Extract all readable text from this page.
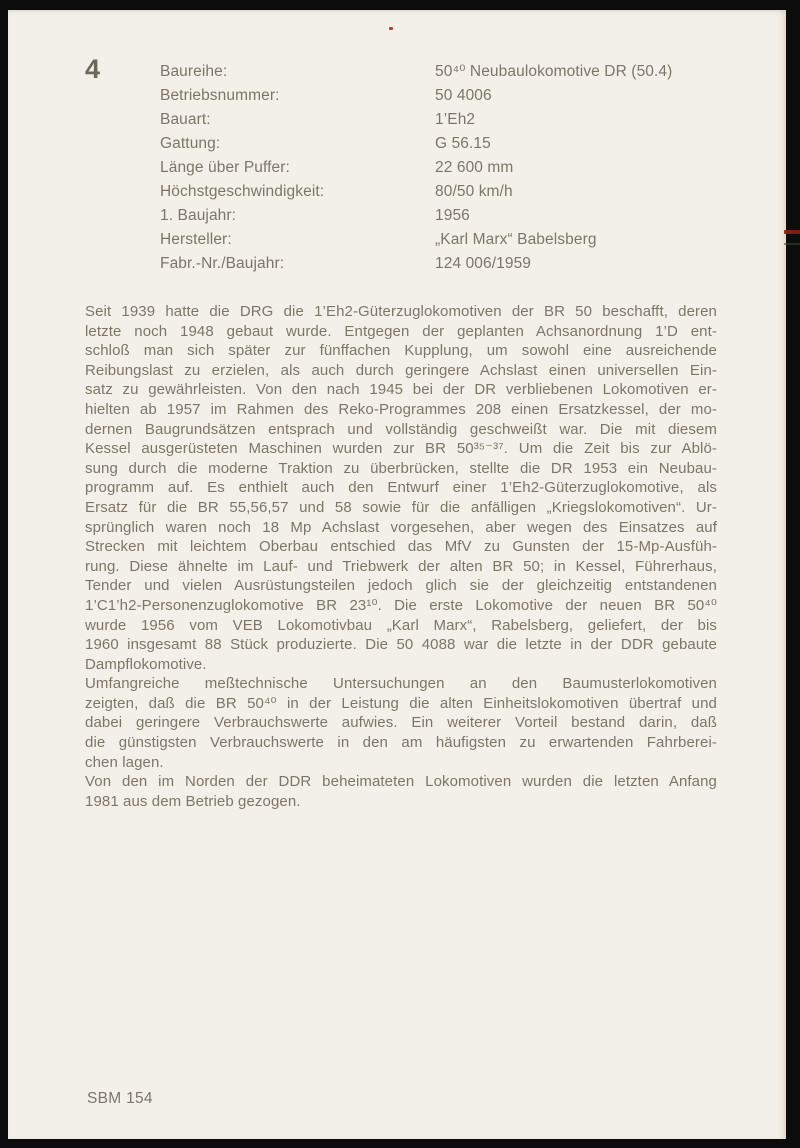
4	Baureihe:	50⁴⁰ Neubaulokomotive DR (50.4)
Betriebsnummer:	50 4006
Bauart:	1’Eh2
Gattung:	G 56.15
Länge über Puffer:	22 600 mm
Höchstgeschwindigkeit:	80/50 km/h
1. Baujahr:	1956
Hersteller:	„Karl Marx“ Babelsberg
Fabr.-Nr./Baujahr:	124 006/1959
Seit 1939 hatte die DRG die 1’Eh2-Güterzuglokomotiven der BR 50 beschafft, deren
letzte noch 1948 gebaut wurde. Entgegen der geplanten Achsanordnung 1’D ent-
schloß man sich später zur fünffachen Kupplung, um sowohl eine ausreichende
Reibungslast zu erzielen, als auch durch geringere Achslast einen universellen Ein-
satz zu gewährleisten. Von den nach 1945 bei der DR verbliebenen Lokomotiven er-
hielten ab 1957 im Rahmen des Reko-Programmes 208 einen Ersatzkessel, der mo-
dernen Baugrundsätzen entsprach und vollständig geschweißt war. Die mit diesem
Kessel ausgerüsteten Maschinen wurden zur BR 50³⁵⁻³⁷. Um die Zeit bis zur Ablö-
sung durch die moderne Traktion zu überbrücken, stellte die DR 1953 ein Neubau-
programm auf. Es enthielt auch den Entwurf einer 1’Eh2-Güterzuglokomotive, als
Ersatz für die BR 55,56,57 und 58 sowie für die anfälligen „Kriegslokomotiven“. Ur-
sprünglich waren noch 18 Mp Achslast vorgesehen, aber wegen des Einsatzes auf
Strecken mit leichtem Oberbau entschied das MfV zu Gunsten der 15-Mp-Ausfüh-
rung. Diese ähnelte im Lauf- und Triebwerk der alten BR 50; in Kessel, Führerhaus,
Tender und vielen Ausrüstungsteilen jedoch glich sie der gleichzeitig entstandenen
1’C1’h2-Personenzuglokomotive BR 23¹⁰. Die erste Lokomotive der neuen BR 50⁴⁰
wurde 1956 vom VEB Lokomotivbau „Karl Marx“, Rabelsberg, geliefert, der bis
1960 insgesamt 88 Stück produzierte. Die 50 4088 war die letzte in der DDR gebaute
Dampflokomotive.
Umfangreiche meßtechnische Untersuchungen an den Baumusterlokomotiven
zeigten, daß die BR 50⁴⁰ in der Leistung die alten Einheitslokomotiven übertraf und
dabei geringere Verbrauchswerte aufwies. Ein weiterer Vorteil bestand darin, daß
die günstigsten Verbrauchswerte in den am häufigsten zu erwartenden Fahrberei-
chen lagen.
Von den im Norden der DDR beheimateten Lokomotiven wurden die letzten Anfang
1981 aus dem Betrieb gezogen.
SBM 154
